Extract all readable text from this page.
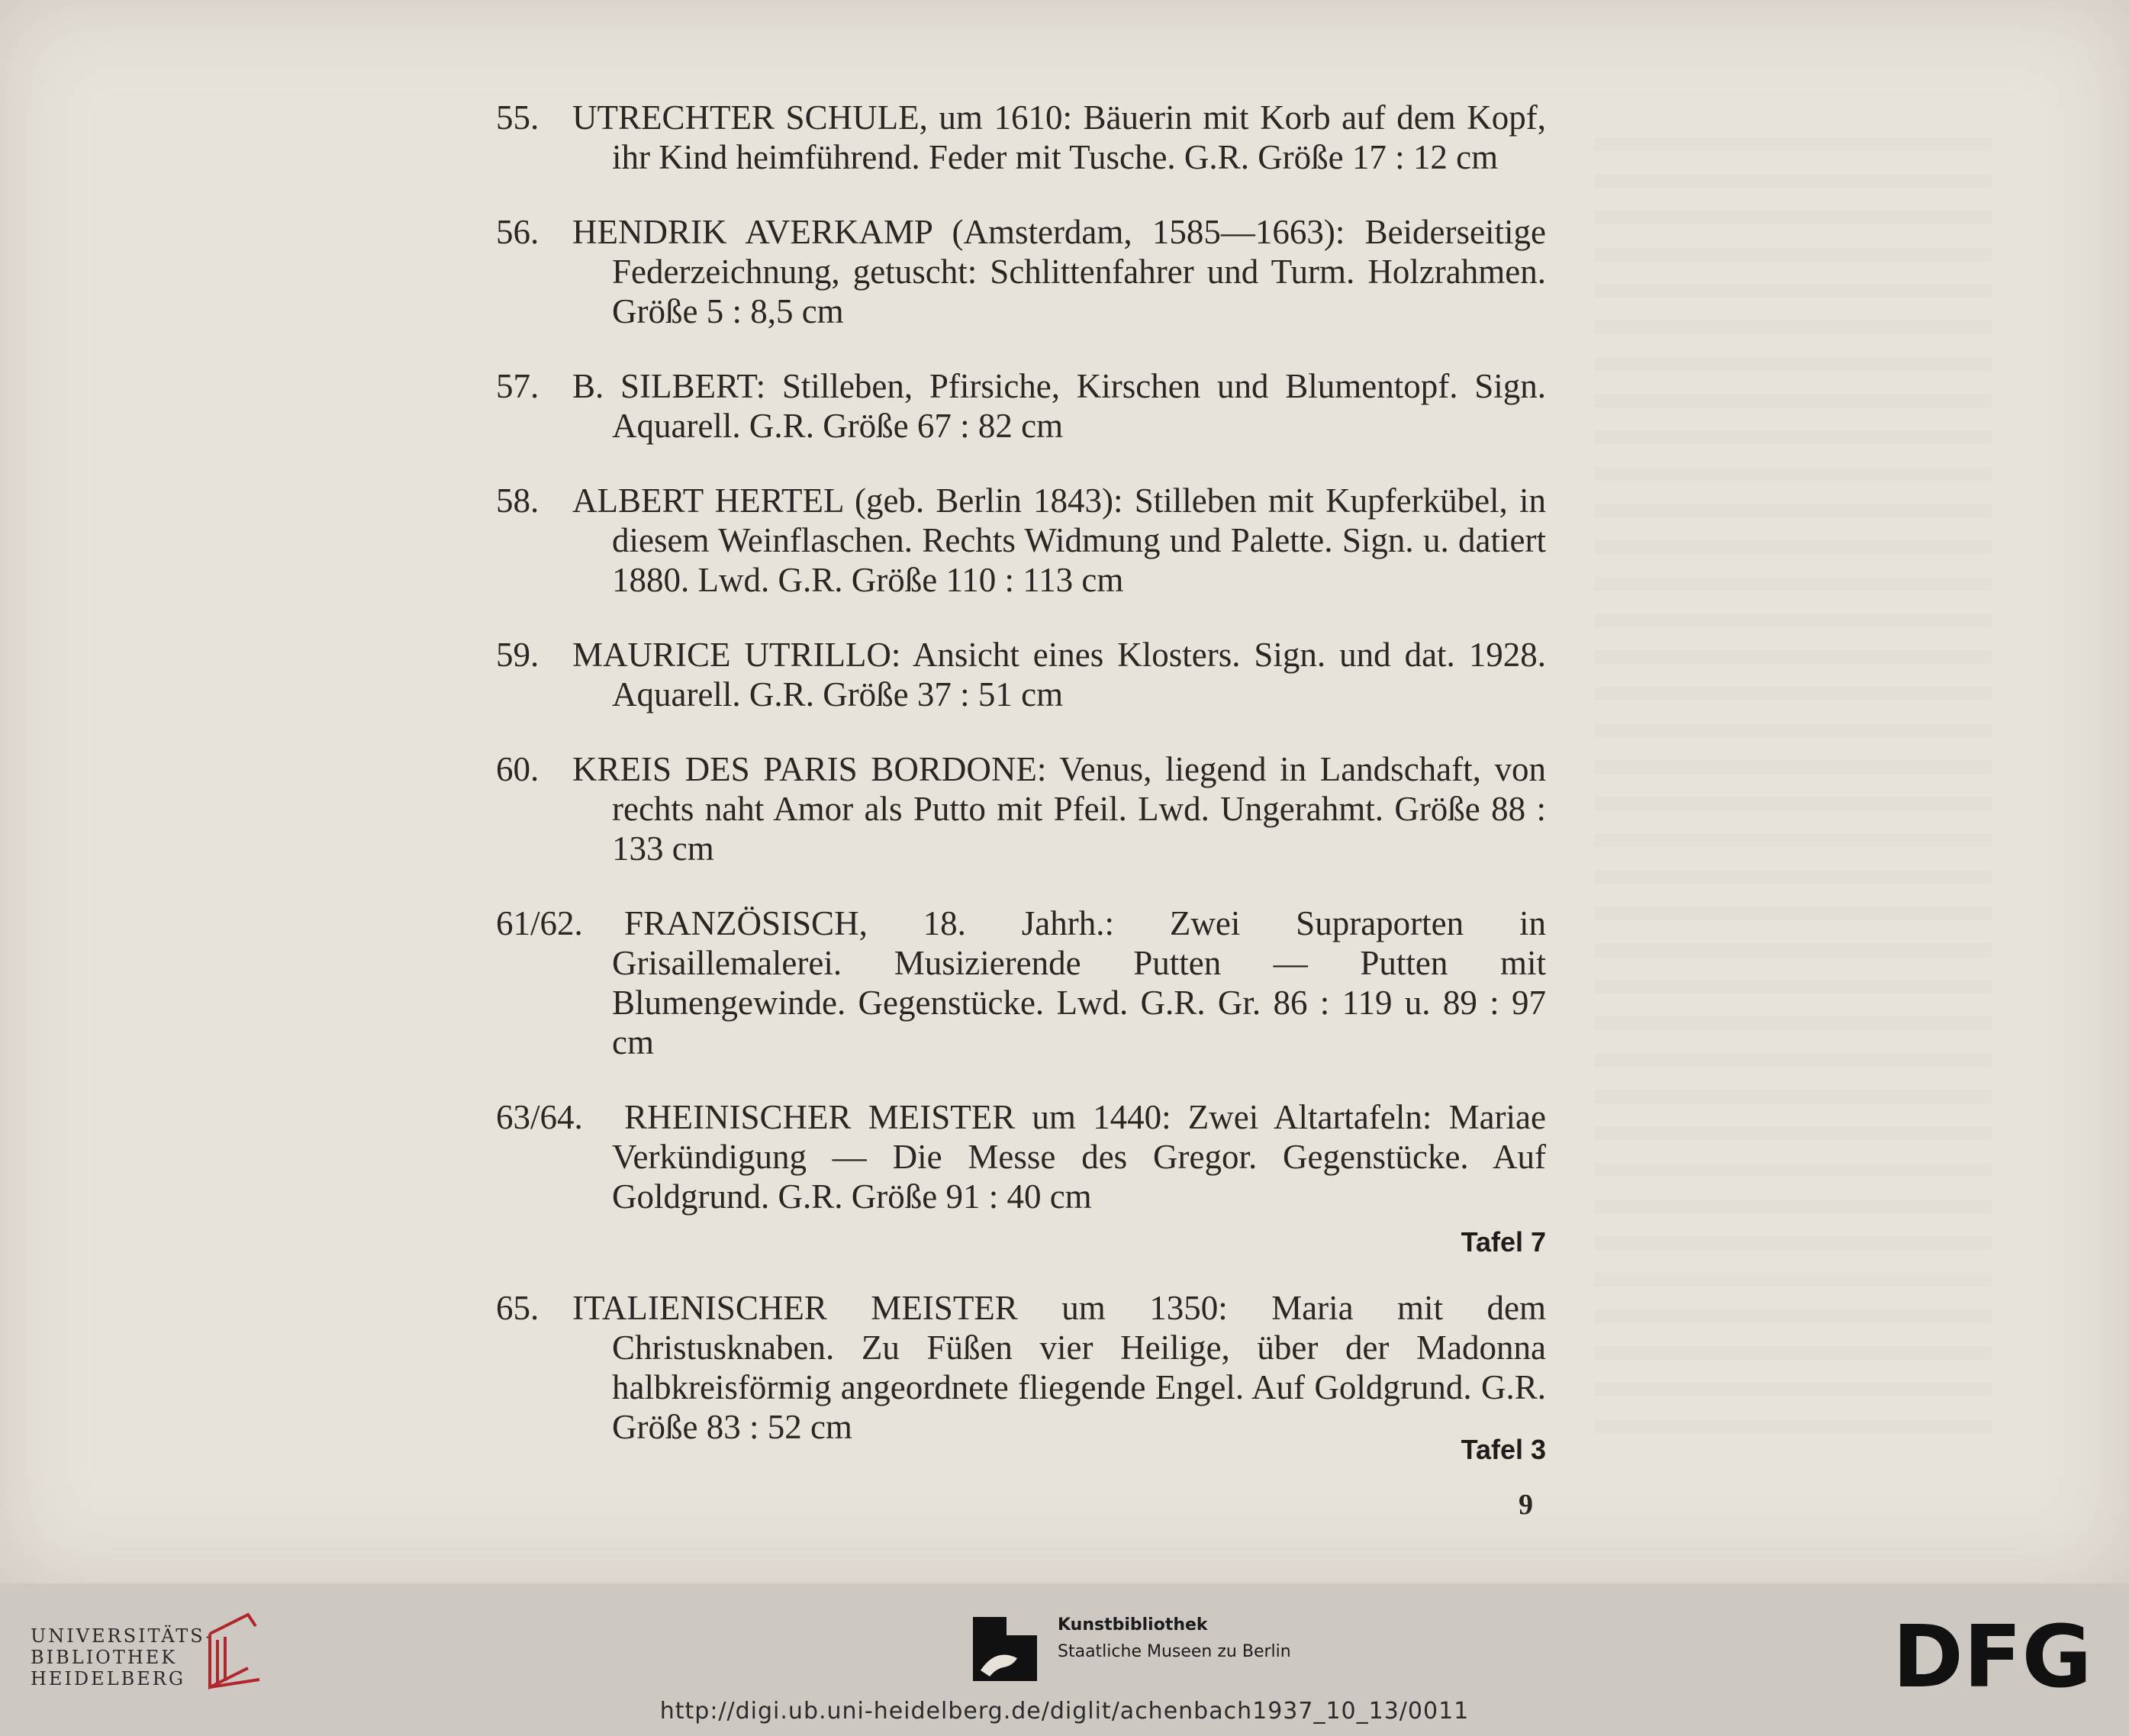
55. UTRECHTER SCHULE, um 1610: Bäuerin mit Korb auf dem Kopf, ihr Kind heimführend. Feder mit Tusche. G.R. Größe 17 : 12 cm
56. HENDRIK AVERKAMP (Amsterdam, 1585—1663): Beiderseitige Federzeichnung, getuscht: Schlittenfahrer und Turm. Holzrahmen. Größe 5 : 8,5 cm
57. B. SILBERT: Stilleben, Pfirsiche, Kirschen und Blumentopf. Sign. Aquarell. G.R. Größe 67 : 82 cm
58. ALBERT HERTEL (geb. Berlin 1843): Stilleben mit Kupferkübel, in diesem Weinflaschen. Rechts Widmung und Palette. Sign. u. datiert 1880. Lwd. G.R. Größe 110 : 113 cm
59. MAURICE UTRILLO: Ansicht eines Klosters. Sign. und dat. 1928. Aquarell. G.R. Größe 37 : 51 cm
60. KREIS DES PARIS BORDONE: Venus, liegend in Landschaft, von rechts naht Amor als Putto mit Pfeil. Lwd. Ungerahmt. Größe 88 : 133 cm
61/62.	FRANZÖSISCH, 18. Jahrh.: Zwei Supraporten in Grisaillemalerei. Musizierende Putten — Putten mit Blumengewinde. Gegenstücke. Lwd. G.R. Gr. 86 : 119 u. 89 : 97 cm
63/64.	RHEINISCHER MEISTER um 1440: Zwei Altartafeln: Mariae Verkündigung — Die Messe des Gregor. Gegenstücke. Auf Goldgrund. G.R. Größe 91 : 40 cm
Tafel 7
65. ITALIENISCHER MEISTER um 1350: Maria mit dem Christusknaben. Zu Füßen vier Heilige, über der Madonna halbkreisförmig angeordnete fliegende Engel. Auf Goldgrund. G.R. Größe 83 : 52 cm
Tafel 3
9
UNIVERSITÄTS-
BIBLIOTHEK
HEIDELBERG
Kunstbibliothek
Staatliche Museen zu Berlin	DFG
http://digi.ub.uni-heidelberg.de/diglit/achenbach1937_10_13/0011
